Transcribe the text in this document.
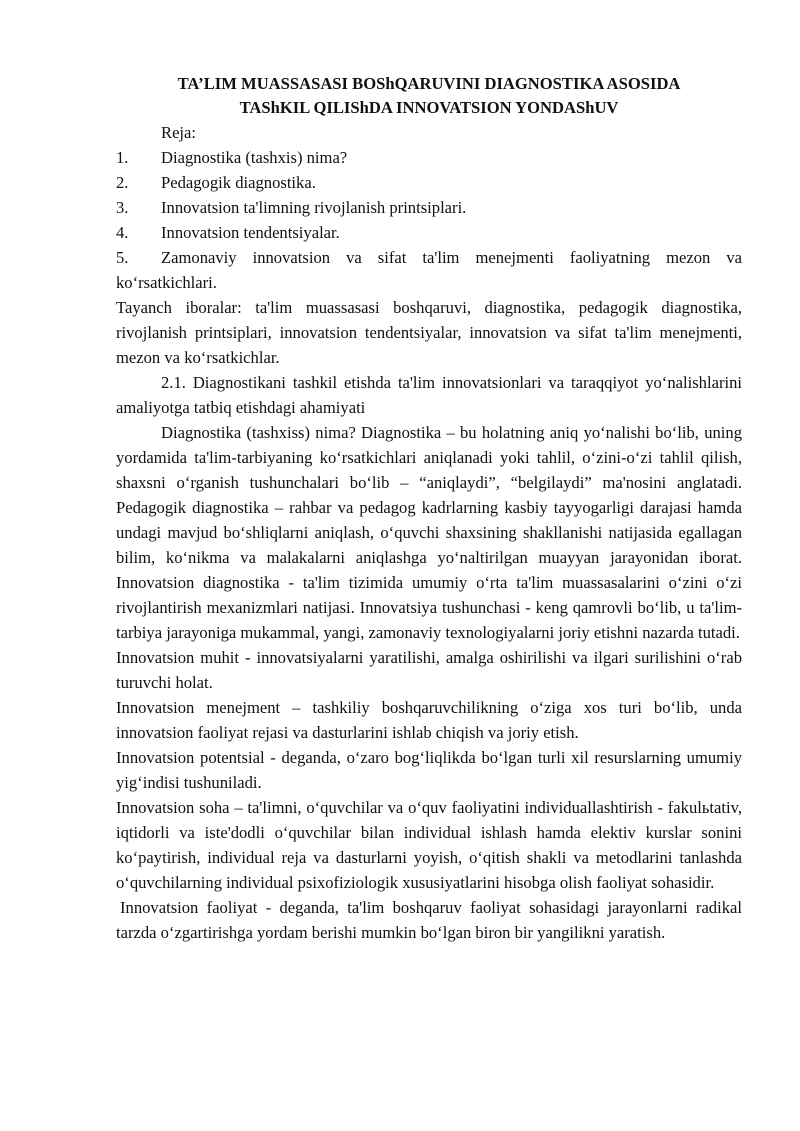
TA’LIM MUASSASASI BOShQARUVINI DIAGNOSTIKA ASOSIDA
TAShKIL QILIShDA INNOVATSION YONDAShUV

Reja:

1. Diagnostika (tashxis) nima?
2. Pedagogik diagnostika.
3. Innovatsion ta'limning rivojlanish printsiplari.
4. Innovatsion tendentsiyalar.
5. Zamonaviy innovatsion va sifat ta'lim menejmenti faoliyatning mezon va ko‘rsatkichlari.

Tayanch iboralar: ta'lim muassasasi boshqaruvi, diagnostika, pedagogik diagnostika, rivojlanish printsiplari, innovatsion tendentsiyalar, innovatsion va sifat ta'lim menejmenti, mezon va ko‘rsatkichlar.

2.1. Diagnostikani tashkil etishda ta'lim innovatsionlari va taraqqiyot yo‘nalishlarini amaliyotga tatbiq etishdagi ahamiyati

Diagnostika (tashxiss) nima? Diagnostika – bu holatning aniq yo‘nalishi bo‘lib, uning yordamida ta'lim-tarbiyaning ko‘rsatkichlari aniqlanadi yoki tahlil, o‘zini-o‘zi tahlil qilish, shaxsni o‘rganish tushunchalari bo‘lib – “aniqlaydi”, “belgilaydi” ma'nosini anglatadi. Pedagogik diagnostika – rahbar va pedagog kadrlarning kasbiy tayyogarligi darajasi hamda undagi mavjud bo‘shliqlarni aniqlash, o‘quvchi shaxsining shakllanishi natijasida egallagan bilim, ko‘nikma va malakalarni aniqlashga yo‘naltirilgan muayyan jarayonidan iborat. Innovatsion diagnostika - ta'lim tizimida umumiy o‘rta ta'lim muassasalarini o‘zini o‘zi rivojlantirish mexanizmlari natijasi. Innovatsiya tushunchasi - keng qamrovli bo‘lib, u ta'lim-tarbiya jarayoniga mukammal, yangi, zamonaviy texnologiyalarni joriy etishni nazarda tutadi.

Innovatsion muhit - innovatsiyalarni yaratilishi, amalga oshirilishi va ilgari surilishini o‘rab turuvchi holat.

Innovatsion menejment – tashkiliy boshqaruvchilikning o‘ziga xos turi bo‘lib, unda innovatsion faoliyat rejasi va dasturlarini ishlab chiqish va joriy etish.

Innovatsion potentsial - deganda, o‘zaro bog‘liqlikda bo‘lgan turli xil resurslarning umumiy yig‘indisi tushuniladi.

Innovatsion soha – ta'limni, o‘quvchilar va o‘quv faoliyatini individuallashtirish - fakulьtativ, iqtidorli va iste'dodli o‘quvchilar bilan individual ishlash hamda elektiv kurslar sonini ko‘paytirish, individual reja va dasturlarni yoyish, o‘qitish shakli va metodlarini tanlashda o‘quvchilarning individual psixofiziologik xususiyatlarini hisobga olish faoliyat sohasidir.

Innovatsion faoliyat - deganda, ta'lim boshqaruv faoliyat sohasidagi jarayonlarni radikal tarzda o‘zgartirishga yordam berishi mumkin bo‘lgan biron bir yangilikni yaratish.
